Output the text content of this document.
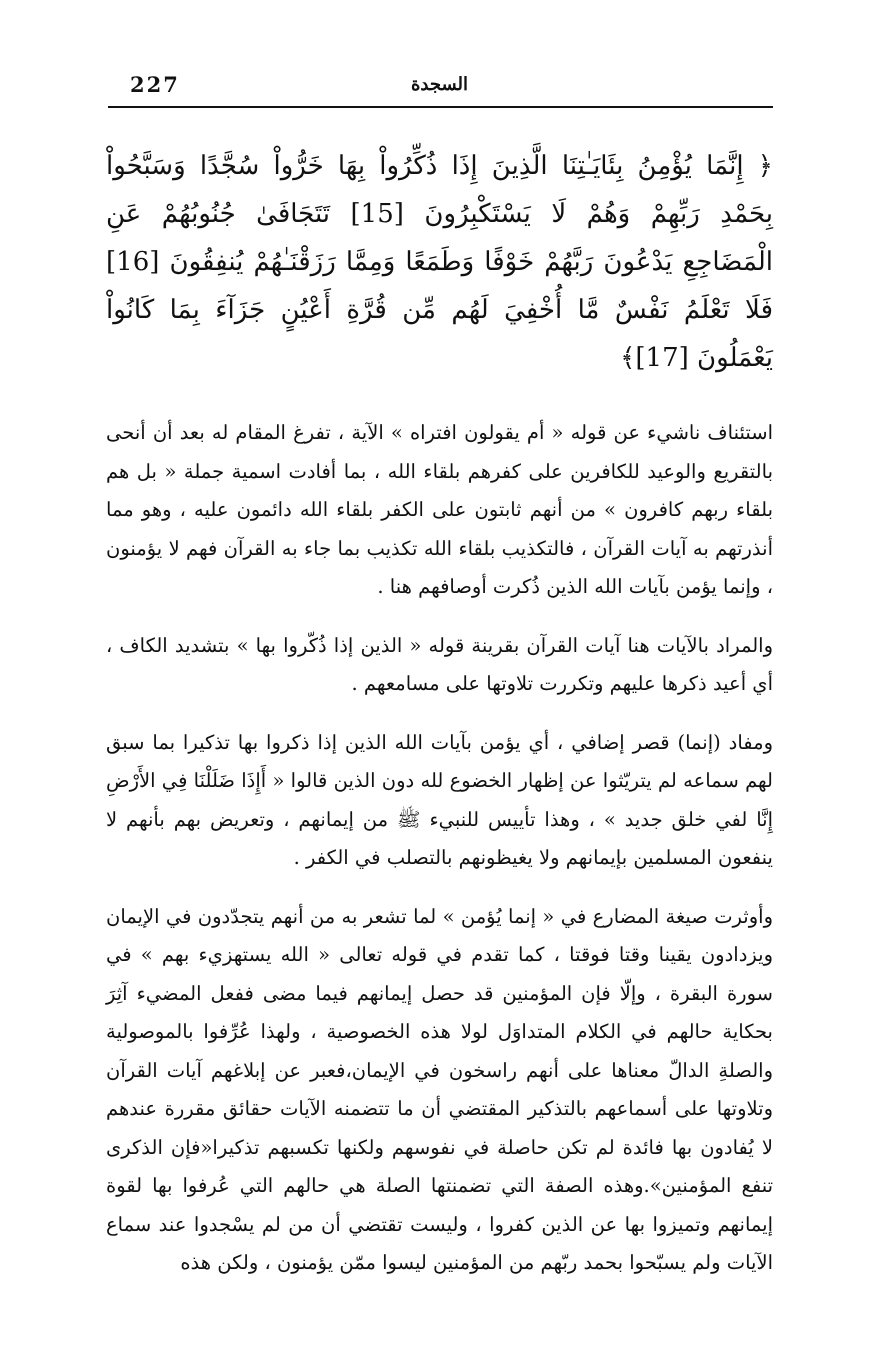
227	السجدة

﴿ إِنَّمَا يُؤْمِنُ بِئَايَـٰتِنَا الَّذِينَ إِذَا ذُكِّرُواْ بِهَا خَرُّواْ سُجَّدًا وَسَبَّحُواْ بِحَمْدِ رَبِّهِمْ وَهُمْ لَا يَسْتَكْبِرُونَ [15] تَتَجَافَىٰ جُنُوبُهُمْ عَنِ الْمَضَاجِعِ يَدْعُونَ رَبَّهُمْ خَوْفًا وَطَمَعًا وَمِمَّا رَزَقْنَـٰهُمْ يُنفِقُونَ [16] فَلَا تَعْلَمُ نَفْسٌ مَّا أُخْفِيَ لَهُم مِّن قُرَّةِ أَعْيُنٍ جَزَآءَ بِمَا كَانُواْ يَعْمَلُونَ [17]﴾

استئناف ناشيء عن قوله « أم يقولون افتراه » الآية ، تفرغ المقام له بعد أن أنحى بالتقريع والوعيد للكافرين على كفرهم بلقاء الله ، بما أفادت اسمية جملة « بل هم بلقاء ربهم كافرون » من أنهم ثابتون على الكفر بلقاء الله دائمون عليه ، وهو مما أنذرتهم به آيات القرآن ، فالتكذيب بلقاء الله تكذيب بما جاء به القرآن فهم لا يؤمنون ، وإنما يؤمن بآيات الله الذين ذُكرت أوصافهم هنا .

والمراد بالآيات هنا آيات القرآن بقرينة قوله « الذين إذا ذُكّروا بها » بتشديد الكاف ، أي أعيد ذكرها عليهم وتكررت تلاوتها على مسامعهم .

ومفاد (إنما) قصر إضافي ، أي يؤمن بآيات الله الذين إذا ذكروا بها تذكيرا بما سبق لهم سماعه لم يتريّثوا عن إظهار الخضوع لله دون الذين قالوا « أَإِذَا ضَلَلْنَا فِي الأَرْضِ إِنَّا لفي خلق جديد » ، وهذا تأييس للنبيء ﷺ من إيمانهم ، وتعريض بهم بأنهم لا ينفعون المسلمين بإيمانهم ولا يغيظونهم بالتصلب في الكفر .

وأوثرت صيغة المضارع في « إنما يُؤمن » لما تشعر به من أنهم يتجدّدون في الإيمان ويزدادون يقينا وقتا فوقتا ، كما تقدم في قوله تعالى « الله يستهزيء بهم » في سورة البقرة ، وإلّا فإن المؤمنين قد حصل إيمانهم فيما مضى ففعل المضيء آثِرَ بحكاية حالهم في الكلام المتداوَل لولا هذه الخصوصية ، ولهذا عُرِّفوا بالموصولية والصلةِ الدالّ معناها على أنهم راسخون في الإيمان،فعبر عن إبلاغهم آيات القرآن وتلاوتها على أسماعهم بالتذكير المقتضي أن ما تتضمنه الآيات حقائق مقررة عندهم لا يُفادون بها فائدة لم تكن حاصلة في نفوسهم ولكنها تكسبهم تذكيرا«فإن الذكرى تنفع المؤمنين».وهذه الصفة التي تضمنتها الصلة هي حالهم التي عُرفوا بها لقوة إيمانهم وتميزوا بها عن الذين كفروا ، وليست تقتضي أن من لم يسْجدوا عند سماع الآيات ولم يسبّحوا بحمد ربّهم من المؤمنين ليسوا ممّن يؤمنون ، ولكن هذه
